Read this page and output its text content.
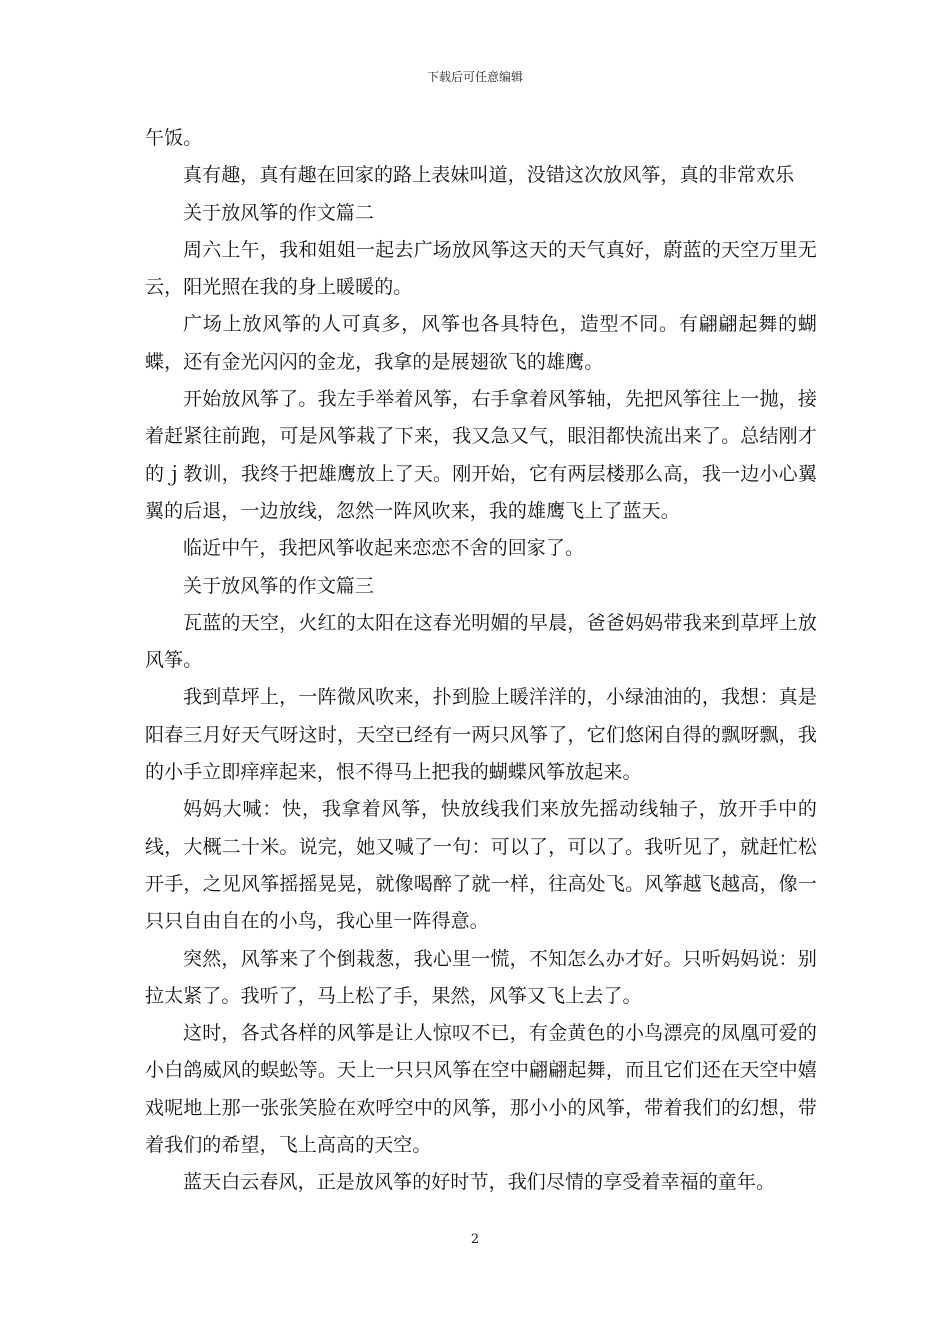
下载后可任意编辑

午饭。

真有趣，真有趣在回家的路上表妹叫道，没错这次放风筝，真的非常欢乐

关于放风筝的作文篇二

周六上午，我和姐姐一起去广场放风筝这天的天气真好，蔚蓝的天空万里无云，阳光照在我的身上暖暖的。

广场上放风筝的人可真多，风筝也各具特色，造型不同。有翩翩起舞的蝴蝶，还有金光闪闪的金龙，我拿的是展翅欲飞的雄鹰。

开始放风筝了。我左手举着风筝，右手拿着风筝轴，先把风筝往上一抛，接着赶紧往前跑，可是风筝栽了下来，我又急又气，眼泪都快流出来了。总结刚才的ｊ教训，我终于把雄鹰放上了天。刚开始，它有两层楼那么高，我一边小心翼翼的后退，一边放线，忽然一阵风吹来，我的雄鹰飞上了蓝天。

临近中午，我把风筝收起来恋恋不舍的回家了。

关于放风筝的作文篇三

瓦蓝的天空，火红的太阳在这春光明媚的早晨，爸爸妈妈带我来到草坪上放风筝。

我到草坪上，一阵微风吹来，扑到脸上暖洋洋的，小绿油油的，我想：真是阳春三月好天气呀这时，天空已经有一两只风筝了，它们悠闲自得的飘呀飘，我的小手立即痒痒起来，恨不得马上把我的蝴蝶风筝放起来。

妈妈大喊：快，我拿着风筝，快放线我们来放先摇动线轴子，放开手中的线，大概二十米。说完，她又喊了一句：可以了，可以了。我听见了，就赶忙松开手，之见风筝摇摇晃晃，就像喝醉了就一样，往高处飞。风筝越飞越高，像一只只自由自在的小鸟，我心里一阵得意。

突然，风筝来了个倒栽葱，我心里一慌，不知怎么办才好。只听妈妈说：别拉太紧了。我听了，马上松了手，果然，风筝又飞上去了。

这时，各式各样的风筝是让人惊叹不已，有金黄色的小鸟漂亮的凤凰可爱的小白鸽威风的蜈蚣等。天上一只只风筝在空中翩翩起舞，而且它们还在天空中嬉戏呢地上那一张张笑脸在欢呼空中的风筝，那小小的风筝，带着我们的幻想，带着我们的希望，飞上高高的天空。

蓝天白云春风，正是放风筝的好时节，我们尽情的享受着幸福的童年。

2
